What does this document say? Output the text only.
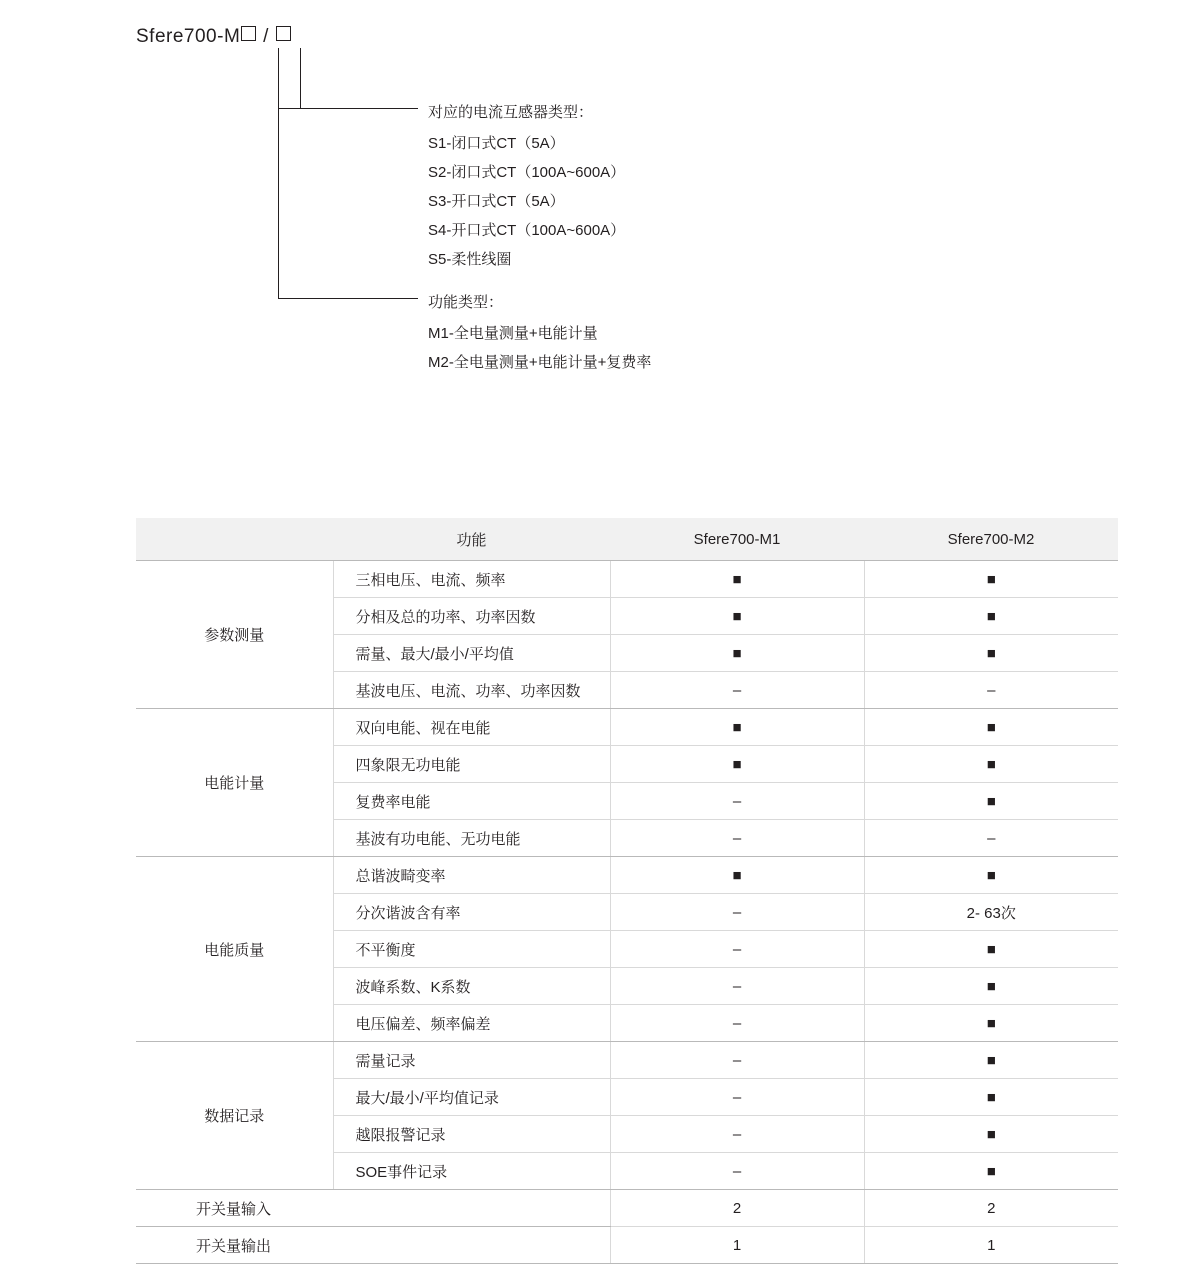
Sfere700-M /
对应的电流互感器类型：
S1-闭口式CT（5A）
S2-闭口式CT（100A~600A）
S3-开口式CT（5A）
S4-开口式CT（100A~600A）
S5-柔性线圈
功能类型：
M1-全电量测量+电能计量
M2-全电量测量+电能计量+复费率
	功能	Sfere700-M1	Sfere700-M2
参数测量	三相电压、电流、频率	■	■
	分相及总的功率、功率因数	■	■
	需量、最大/最小/平均值	■	■
	基波电压、电流、功率、功率因数	–	–
电能计量	双向电能、视在电能	■	■
	四象限无功电能	■	■
	复费率电能	–	■
	基波有功电能、无功电能	–	–
电能质量	总谐波畸变率	■	■
	分次谐波含有率	–	2- 63次
	不平衡度	–	■
	波峰系数、K系数	–	■
	电压偏差、频率偏差	–	■
数据记录	需量记录	–	■
	最大/最小/平均值记录	–	■
	越限报警记录	–	■
	SOE事件记录	–	■
开关量输入		2	2
开关量输出		1	1
